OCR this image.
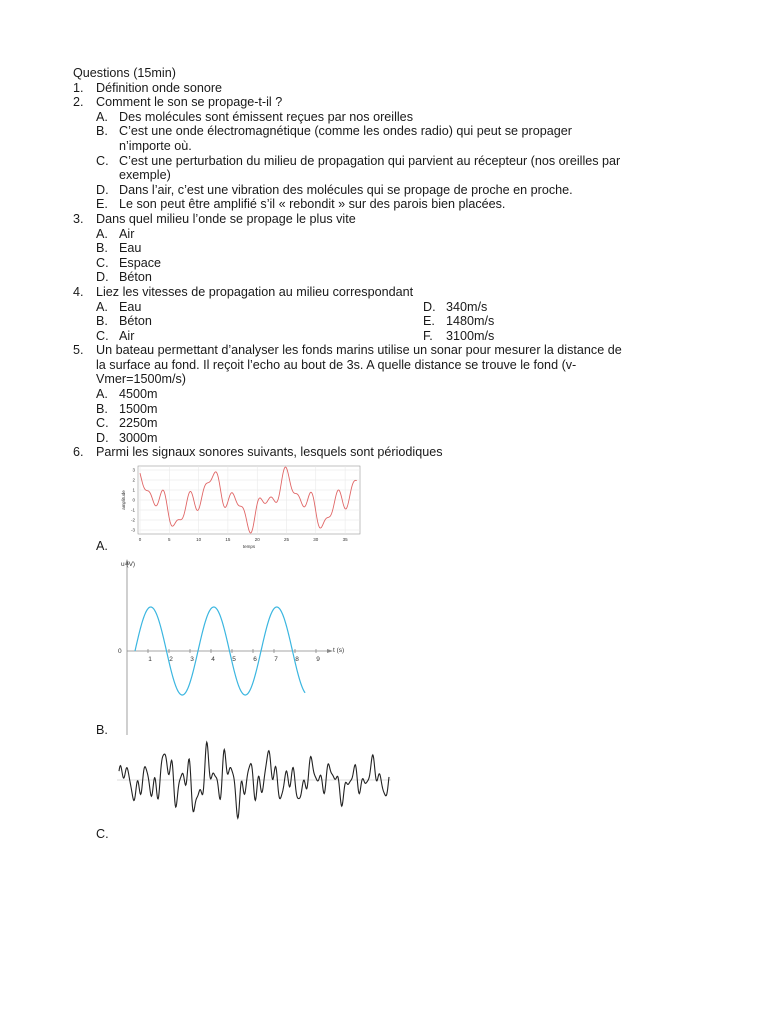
Questions (15min)
1. Définition onde sonore
2. Comment le son se propage-t-il ?
A. Des molécules sont émissent reçues par nos oreilles
B. C’est une onde électromagnétique (comme les ondes radio) qui peut se propager
n’importe où.
C. C’est une perturbation du milieu de propagation qui parvient au récepteur (nos oreilles par
exemple)
D. Dans l’air, c’est une vibration des molécules qui se propage de proche en proche.
E. Le son peut être amplifié s’il « rebondit » sur des parois bien placées.
3. Dans quel milieu l’onde se propage le plus vite
A. Air
B. Eau
C. Espace
D. Béton
4. Liez les vitesses de propagation au milieu correspondant
A. Eau	D. 340m/s
B. Béton	E. 1480m/s
C. Air	F. 3100m/s
5. Un bateau permettant d’analyser les fonds marins utilise un sonar pour mesurer la distance de
la surface au fond. Il reçoit l’echo au bout de 3s. A quelle distance se trouve le fond (v-
Vmer=1500m/s)
A. 4500m
B. 1500m
C. 2250m
D. 3000m
6. Parmi les signaux sonores suivants, lesquels sont périodiques
A.
B.
C.
3
2
1
0
-1
-2
-3
0	5	10	15	20	25	30	35
amplitude
temps
u (V)
t (s)
0
1	2	3	4	5	6	7	8	9
